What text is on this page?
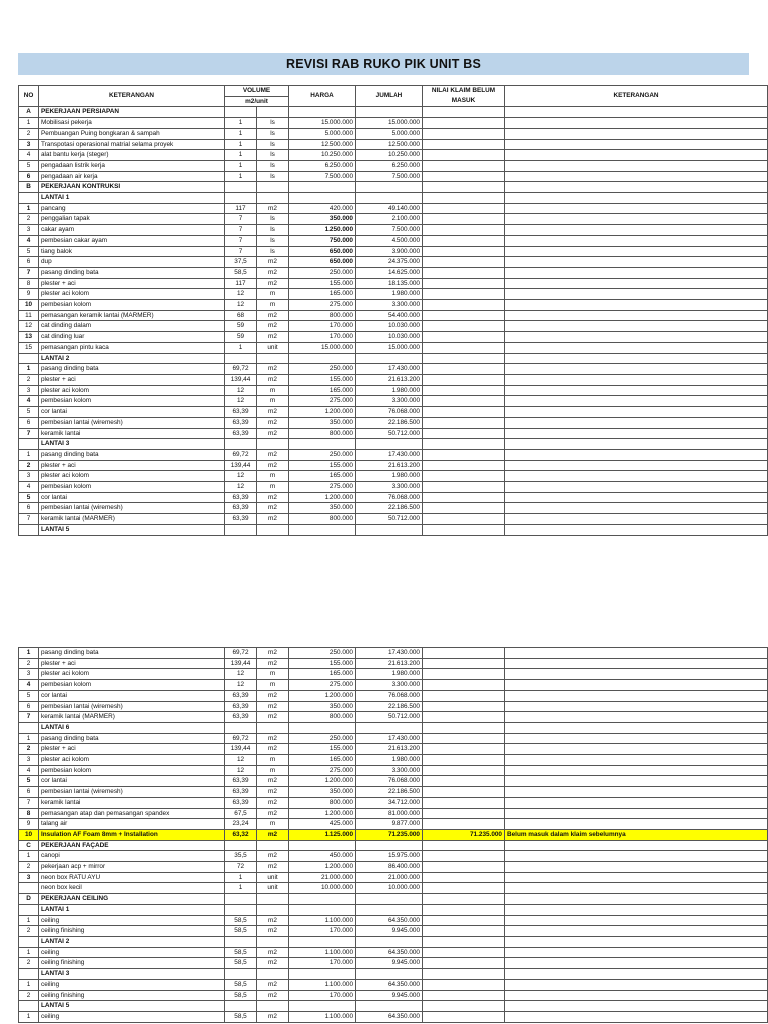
REVISI RAB RUKO PIK UNIT BS
NO	KETERANGAN	VOLUME		HARGA	JUMLAH	NILAI KLAIM BELUM MASUK	KETERANGAN
		m2/unit					
A	PEKERJAAN PERSIAPAN						
1	Mobilisasi pekerja	1	ls	15.000.000	15.000.000		
2	Pembuangan Puing bongkaran & sampah	1	ls	5.000.000	5.000.000		
3	Transpotasi operasional matrial selama proyek	1	ls	12.500.000	12.500.000		
4	alat bantu kerja (steger)	1	ls	10.250.000	10.250.000		
5	pengadaan listrik kerja	1	ls	6.250.000	6.250.000		
6	pengadaan air kerja	1	ls	7.500.000	7.500.000		
B	PEKERJAAN KONTRUKSI						
	LANTAI 1						
1	pancang	117	m2	420.000	49.140.000		
2	penggalian tapak	7	ls	350.000	2.100.000		
3	cakar ayam	7	ls	1.250.000	7.500.000		
4	pembesian cakar ayam	7	ls	750.000	4.500.000		
5	tiang balok	7	ls	650.000	3.900.000		
6	dup	37,5	m2	650.000	24.375.000		
7	pasang dinding bata	58,5	m2	250.000	14.625.000		
8	plester + aci	117	m2	155.000	18.135.000		
9	plester aci kolom	12	m	165.000	1.980.000		
10	pembesian kolom	12	m	275.000	3.300.000		
11	pemasangan keramik lantai (MARMER)	68	m2	800.000	54.400.000		
12	cat dinding dalam	59	m2	170.000	10.030.000		
13	cat dinding luar	59	m2	170.000	10.030.000		
15	pemasangan pintu kaca	1	unit	15.000.000	15.000.000		
	LANTAI 2						
1	pasang dinding bata	69,72	m2	250.000	17.430.000		
2	plester + aci	139,44	m2	155.000	21.613.200		
3	plester aci kolom	12	m	165.000	1.980.000		
4	pembesian kolom	12	m	275.000	3.300.000		
5	cor lantai	63,39	m2	1.200.000	76.068.000		
6	pembesian lantai (wiremesh)	63,39	m2	350.000	22.186.500		
7	keramik lantai	63,39	m2	800.000	50.712.000		
	LANTAI 3						
1	pasang dinding bata	69,72	m2	250.000	17.430.000		
2	plester + aci	139,44	m2	155.000	21.613.200		
3	plester aci kolom	12	m	165.000	1.980.000		
4	pembesian kolom	12	m	275.000	3.300.000		
5	cor lantai	63,39	m2	1.200.000	76.068.000		
6	pembesian lantai (wiremesh)	63,39	m2	350.000	22.186.500		
7	keramik lantai (MARMER)	63,39	m2	800.000	50.712.000		
	LANTAI 5						
1	pasang dinding bata	69,72	m2	250.000	17.430.000		
2	plester + aci	139,44	m2	155.000	21.613.200		
3	plester aci kolom	12	m	165.000	1.980.000		
4	pembesian kolom	12	m	275.000	3.300.000		
5	cor lantai	63,39	m2	1.200.000	76.068.000		
6	pembesian lantai (wiremesh)	63,39	m2	350.000	22.186.500		
7	keramik lantai (MARMER)	63,39	m2	800.000	50.712.000		
	LANTAI 6						
1	pasang dinding bata	69,72	m2	250.000	17.430.000		
2	plester + aci	139,44	m2	155.000	21.613.200		
3	plester aci kolom	12	m	165.000	1.980.000		
4	pembesian kolom	12	m	275.000	3.300.000		
5	cor lantai	63,39	m2	1.200.000	76.068.000		
6	pembesian lantai (wiremesh)	63,39	m2	350.000	22.186.500		
7	keramik lantai	63,39	m2	800.000	34.712.000		
8	pemasangan atap dan pemasangan spandex	67,5	m2	1.200.000	81.000.000		
9	talang air	23,24	m	425.000	9.877.000		
10	Insulation AF Foam 8mm + Installation	63,32	m2	1.125.000	71.235.000	71.235.000	Belum masuk dalam klaim sebelumnya
C	PEKERJAAN FAÇADE						
1	canopi	35,5	m2	450.000	15.975.000		
2	pekerjaan acp + mirror	72	m2	1.200.000	86.400.000		
3	neon box RATU AYU	1	unit	21.000.000	21.000.000		
	neon box kecil	1	unit	10.000.000	10.000.000		
D	PEKERJAAN CEILING						
	LANTAI 1						
1	ceiling	58,5	m2	1.100.000	64.350.000		
2	ceiling finishing	58,5	m2	170.000	9.945.000		
	LANTAI 2						
1	ceiling	58,5	m2	1.100.000	64.350.000		
2	ceiling finishing	58,5	m2	170.000	9.945.000		
	LANTAI 3						
1	ceiling	58,5	m2	1.100.000	64.350.000		
2	ceiling finishing	58,5	m2	170.000	9.945.000		
	LANTAI 5						
1	ceiling	58,5	m2	1.100.000	64.350.000		
